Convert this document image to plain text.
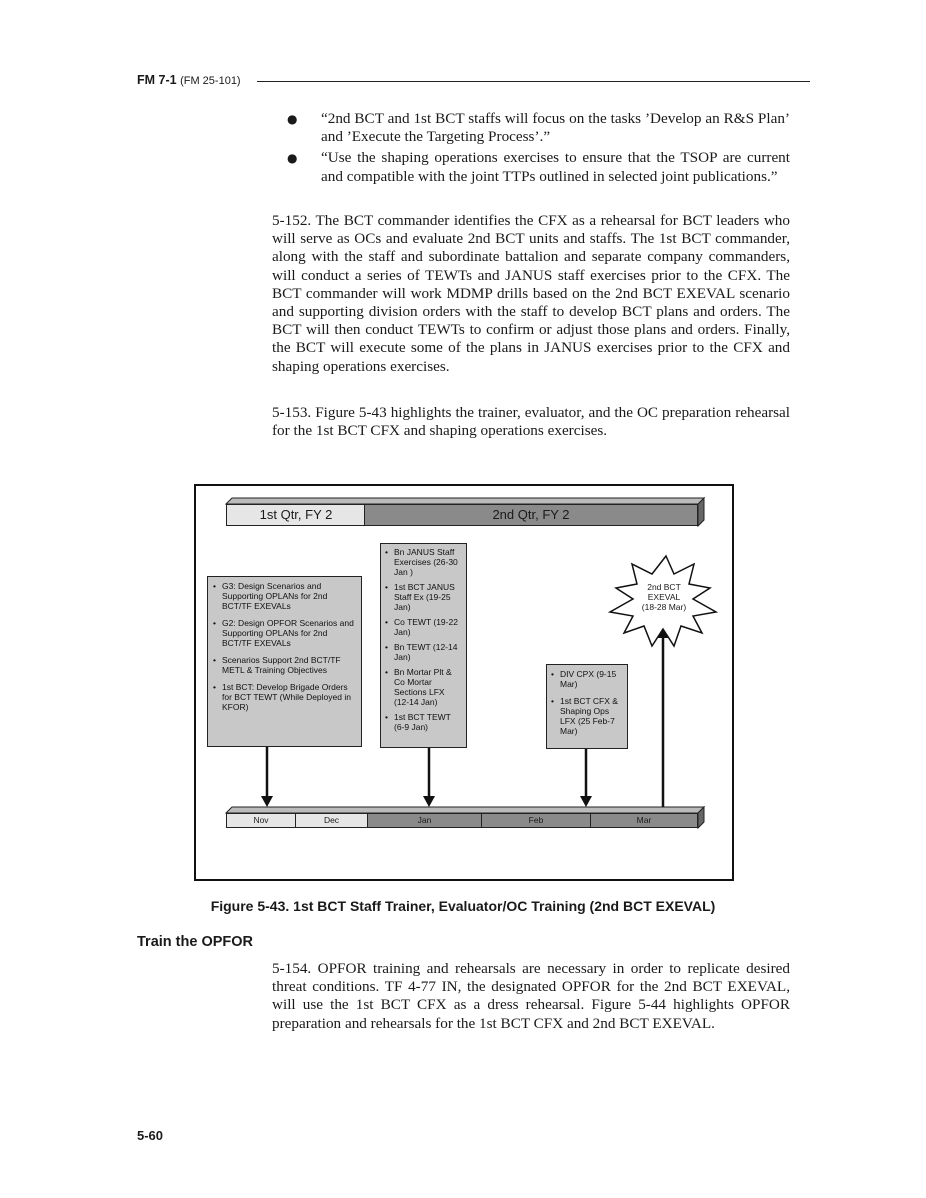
FM 7-1 (FM 25-101)
●	“2nd BCT and 1st BCT staffs will focus on the tasks ’Develop an R&S Plan’ and ’Execute the Targeting Process’.”

●	“Use the shaping operations exercises to ensure that the TSOP are current and compatible with the joint TTPs outlined in selected joint publications.”

5-152. The BCT commander identifies the CFX as a rehearsal for BCT leaders who will serve as OCs and evaluate 2nd BCT units and staffs. The 1st BCT commander, along with the staff and subordinate battalion and separate company commanders, will conduct a series of TEWTs and JANUS staff exercises prior to the CFX. The BCT commander will work MDMP drills based on the 2nd BCT EXEVAL scenario and supporting division orders with the staff to develop BCT plans and orders. The BCT will then conduct TEWTs to confirm or adjust those plans and orders. Finally, the BCT will execute some of the plans in JANUS exercises prior to the CFX and shaping operations exercises.

5-153. Figure 5-43 highlights the trainer, evaluator, and the OC preparation rehearsal for the 1st BCT CFX and shaping operations exercises.

1st Qtr, FY 2	2nd Qtr, FY 2
2nd BCT
EXEVAL
(18-28 Mar)
• G3: Design Scenarios and Supporting OPLANs for 2nd BCT/TF EXEVALs
• G2: Design OPFOR Scenarios and Supporting OPLANs for 2nd BCT/TF EXEVALs
• Scenarios Support 2nd BCT/TF METL & Training Objectives
• 1st BCT: Develop Brigade Orders for BCT TEWT (While Deployed in KFOR)
• Bn JANUS Staff Exercises (26-30 Jan )
• 1st BCT JANUS Staff Ex (19-25 Jan)
• Co TEWT (19-22 Jan)
• Bn TEWT (12-14 Jan)
• Bn Mortar Plt & Co Mortar Sections LFX (12-14 Jan)
• 1st BCT TEWT (6-9 Jan)
• DIV CPX (9-15 Mar)
• 1st BCT CFX & Shaping Ops LFX (25 Feb-7 Mar)
Nov	Dec	Jan	Feb	Mar
Figure 5-43. 1st BCT Staff Trainer, Evaluator/OC Training (2nd BCT EXEVAL)
Train the OPFOR

5-154. OPFOR training and rehearsals are necessary in order to replicate desired threat conditions. TF 4-77 IN, the designated OPFOR for the 2nd BCT EXEVAL, will use the 1st BCT CFX as a dress rehearsal. Figure 5-44 highlights OPFOR preparation and rehearsals for the 1st BCT CFX and 2nd BCT EXEVAL.

5-60
